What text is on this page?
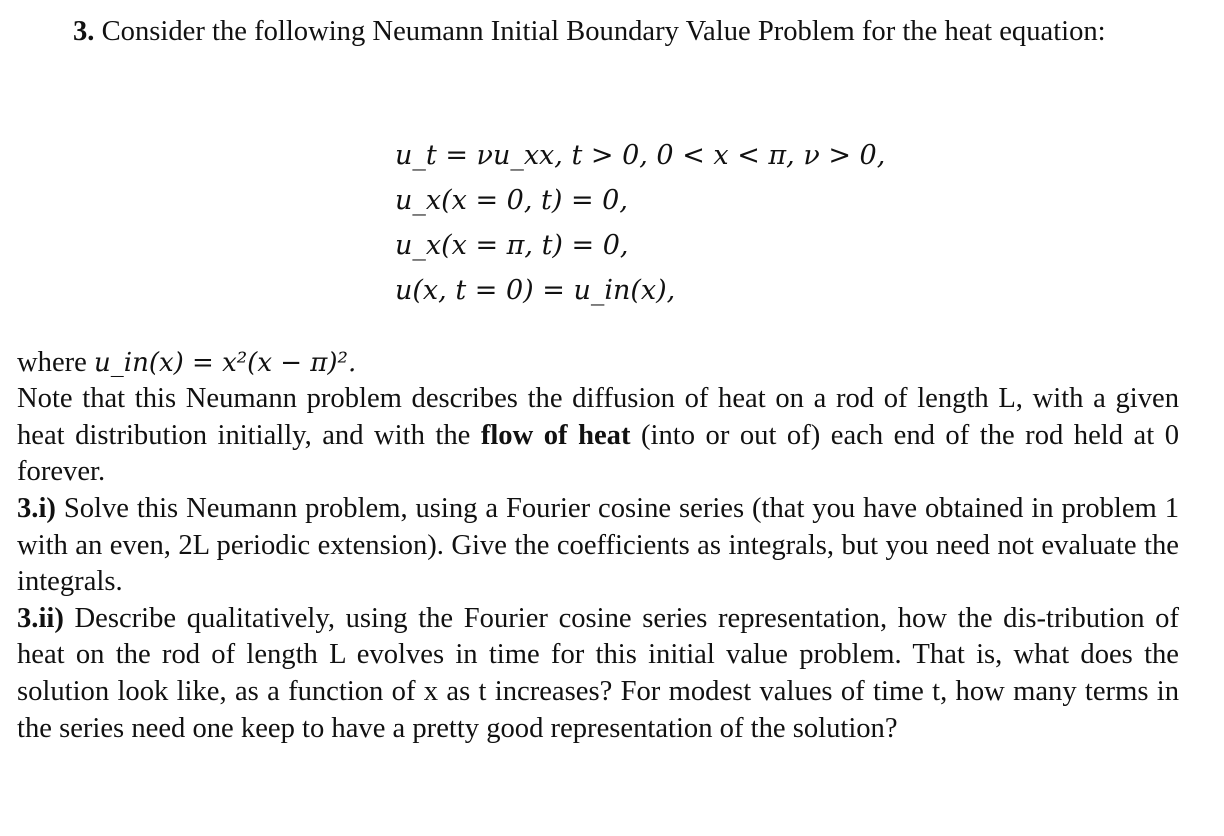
3. Consider the following Neumann Initial Boundary Value Problem for the heat equation:

u_t = νu_xx, t > 0, 0 < x < π, ν > 0,
u_x(x = 0, t) = 0,
u_x(x = π, t) = 0,
u(x, t = 0) = u_in(x),

where u_in(x) = x²(x − π)².

Note that this Neumann problem describes the diffusion of heat on a rod of length L, with a given heat distribution initially, and with the flow of heat (into or out of) each end of the rod held at 0 forever.

3.i) Solve this Neumann problem, using a Fourier cosine series (that you have obtained in problem 1 with an even, 2L periodic extension). Give the coefficients as integrals, but you need not evaluate the integrals.

3.ii) Describe qualitatively, using the Fourier cosine series representation, how the dis-tribution of heat on the rod of length L evolves in time for this initial value problem. That is, what does the solution look like, as a function of x as t increases? For modest values of time t, how many terms in the series need one keep to have a pretty good representation of the solution?
